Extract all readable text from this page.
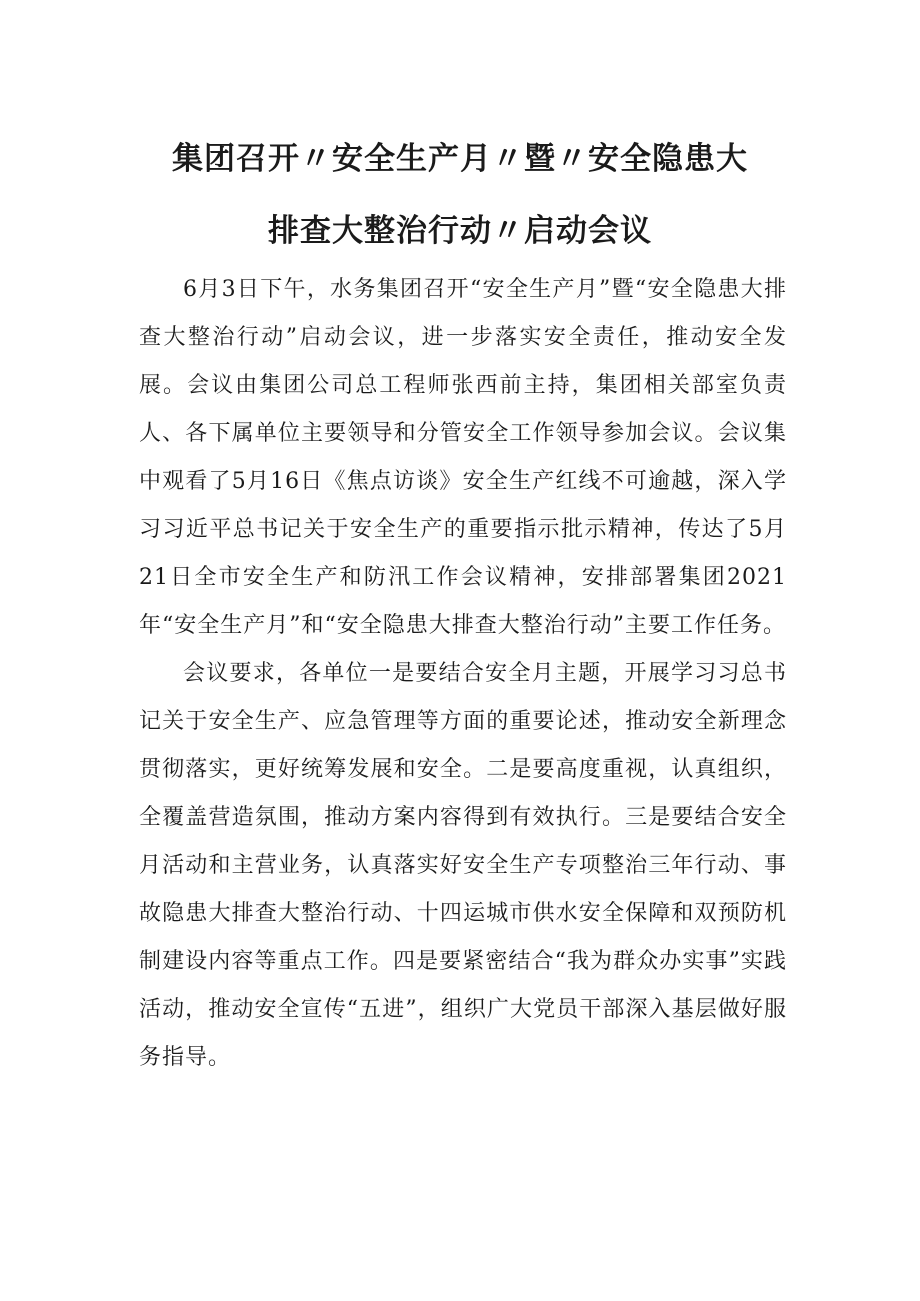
集团召开〃安全生产月〃暨〃安全隐患大
排查大整治行动〃启动会议

6月3日下午，水务集团召开“安全生产月”暨“安全隐患大排查大整治行动”启动会议，进一步落实安全责任，推动安全发展。会议由集团公司总工程师张西前主持，集团相关部室负责人、各下属单位主要领导和分管安全工作领导参加会议。会议集中观看了5月16日《焦点访谈》安全生产红线不可逾越，深入学习习近平总书记关于安全生产的重要指示批示精神，传达了5月21日全市安全生产和防汛工作会议精神，安排部署集团2021年“安全生产月”和“安全隐患大排查大整治行动”主要工作任务。

会议要求，各单位一是要结合安全月主题，开展学习习总书记关于安全生产、应急管理等方面的重要论述，推动安全新理念贯彻落实，更好统筹发展和安全。二是要高度重视，认真组织，全覆盖营造氛围，推动方案内容得到有效执行。三是要结合安全月活动和主营业务，认真落实好安全生产专项整治三年行动、事故隐患大排查大整治行动、十四运城市供水安全保障和双预防机制建设内容等重点工作。四是要紧密结合“我为群众办实事”实践活动，推动安全宣传“五进”，组织广大党员干部深入基层做好服务指导。
